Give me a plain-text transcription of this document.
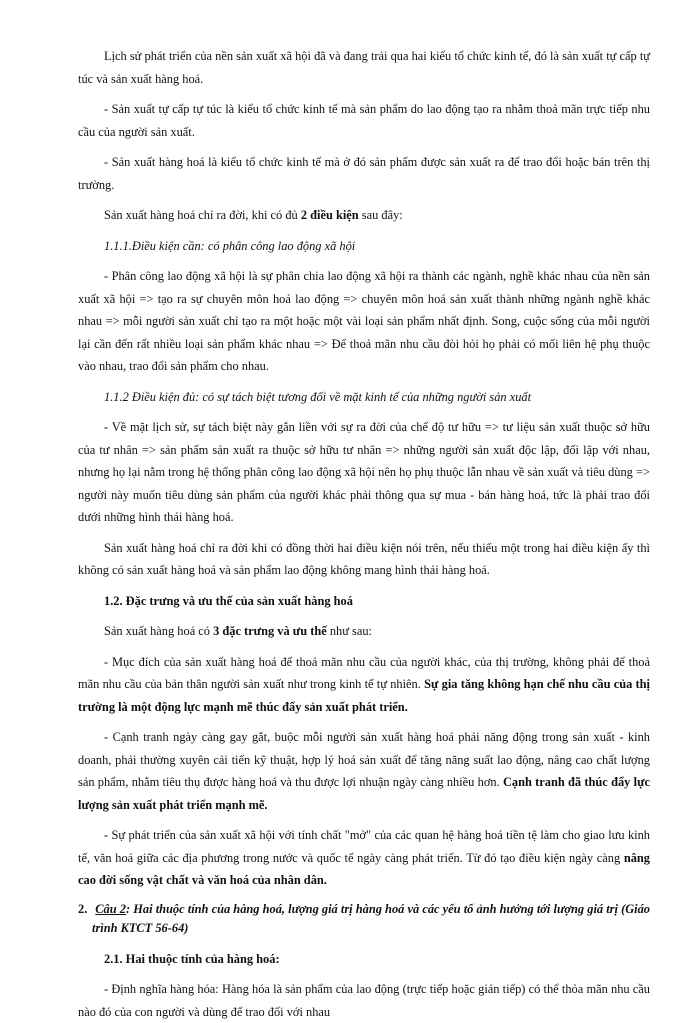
Lịch sử phát triển của nền sản xuất xã hội đã và đang trải qua hai kiểu tổ chức kinh tế, đó là sản xuất tự cấp tự túc và sản xuất hàng hoá.

- Sản xuất tự cấp tự túc là kiểu tổ chức kinh tế mà sản phẩm do lao động tạo ra nhằm thoả mãn trực tiếp nhu cầu của người sản xuất.

- Sản xuất hàng hoá là kiểu tổ chức kinh tế mà ở đó sản phẩm được sản xuất ra để trao đổi hoặc bán trên thị trường.

Sản xuất hàng hoá chỉ ra đời, khi có đủ 2 điều kiện sau đây:

1.1.1.Điều kiện cần: có phân công lao động xã hội

- Phân công lao động xã hội là sự phân chia lao động xã hội ra thành các ngành, nghề khác nhau của nền sản xuất xã hội => tạo ra sự chuyên môn hoá lao động => chuyên môn hoá sản xuất thành những ngành nghề khác nhau => mỗi người sản xuất chỉ tạo ra một hoặc một vài loại sản phẩm nhất định. Song, cuộc sống của mỗi người lại cần đến rất nhiều loại sản phẩm khác nhau => Để thoả mãn nhu cầu đòi hỏi họ phải có mối liên hệ phụ thuộc vào nhau, trao đổi sản phẩm cho nhau.

1.1.2 Điều kiện đủ: có sự tách biệt tương đối về mặt kinh tế của những người sản xuất

- Về mặt lịch sử, sự tách biệt này gắn liền với sự ra đời của chế độ tư hữu => tư liệu sản xuất thuộc sở hữu của tư nhân => sản phẩm sản xuất ra thuộc sở hữu tư nhân => những người sản xuất độc lập, đối lập với nhau, nhưng họ lại nằm trong hệ thống phân công lao động xã hội nên họ phụ thuộc lẫn nhau về sản xuất và tiêu dùng => người này muốn tiêu dùng sản phẩm của người khác phải thông qua sự mua - bán hàng hoá, tức là phải trao đổi dưới những hình thái hàng hoá.

Sản xuất hàng hoá chỉ ra đời khi có đồng thời hai điều kiện nói trên, nếu thiếu một trong hai điều kiện ấy thì không có sản xuất hàng hoá và sản phẩm lao động không mang hình thái hàng hoá.

1.2. Đặc trưng và ưu thế của sản xuất hàng hoá

Sản xuất hàng hoá có 3 đặc trưng và ưu thế như sau:

- Mục đích của sản xuất hàng hoá để thoả mãn nhu cầu của người khác, của thị trường, không phải để thoả mãn nhu cầu của bản thân người sản xuất như trong kinh tế tự nhiên. Sự gia tăng không hạn chế nhu cầu của thị trường là một động lực mạnh mẽ thúc đẩy sản xuất phát triển.

- Cạnh tranh ngày càng gay gắt, buộc mỗi người sản xuất hàng hoá phải năng động trong sản xuất - kinh doanh, phải thường xuyên cải tiến kỹ thuật, hợp lý hoá sản xuất để tăng năng suất lao động, nâng cao chất lượng sản phẩm, nhằm tiêu thụ được hàng hoá và thu được lợi nhuận ngày càng nhiều hơn. Cạnh tranh đã thúc đẩy lực lượng sản xuất phát triển mạnh mẽ.

- Sự phát triển của sản xuất xã hội với tính chất "mở" của các quan hệ hàng hoá tiền tệ làm cho giao lưu kinh tế, văn hoá giữa các địa phương trong nước và quốc tế ngày càng phát triển. Từ đó tạo điều kiện ngày càng nâng cao đời sống vật chất và văn hoá của nhân dân.

2. Câu 2: Hai thuộc tính của hàng hoá, lượng giá trị hàng hoá và các yếu tố ảnh hưởng tới lượng giá trị (Giáo trình KTCT 56-64)

2.1. Hai thuộc tính của hàng hoá:

- Định nghĩa hàng hóa: Hàng hóa là sản phẩm của lao động (trực tiếp hoặc gián tiếp) có thể thỏa mãn nhu cầu nào đó của con người và dùng để trao đổi với nhau
